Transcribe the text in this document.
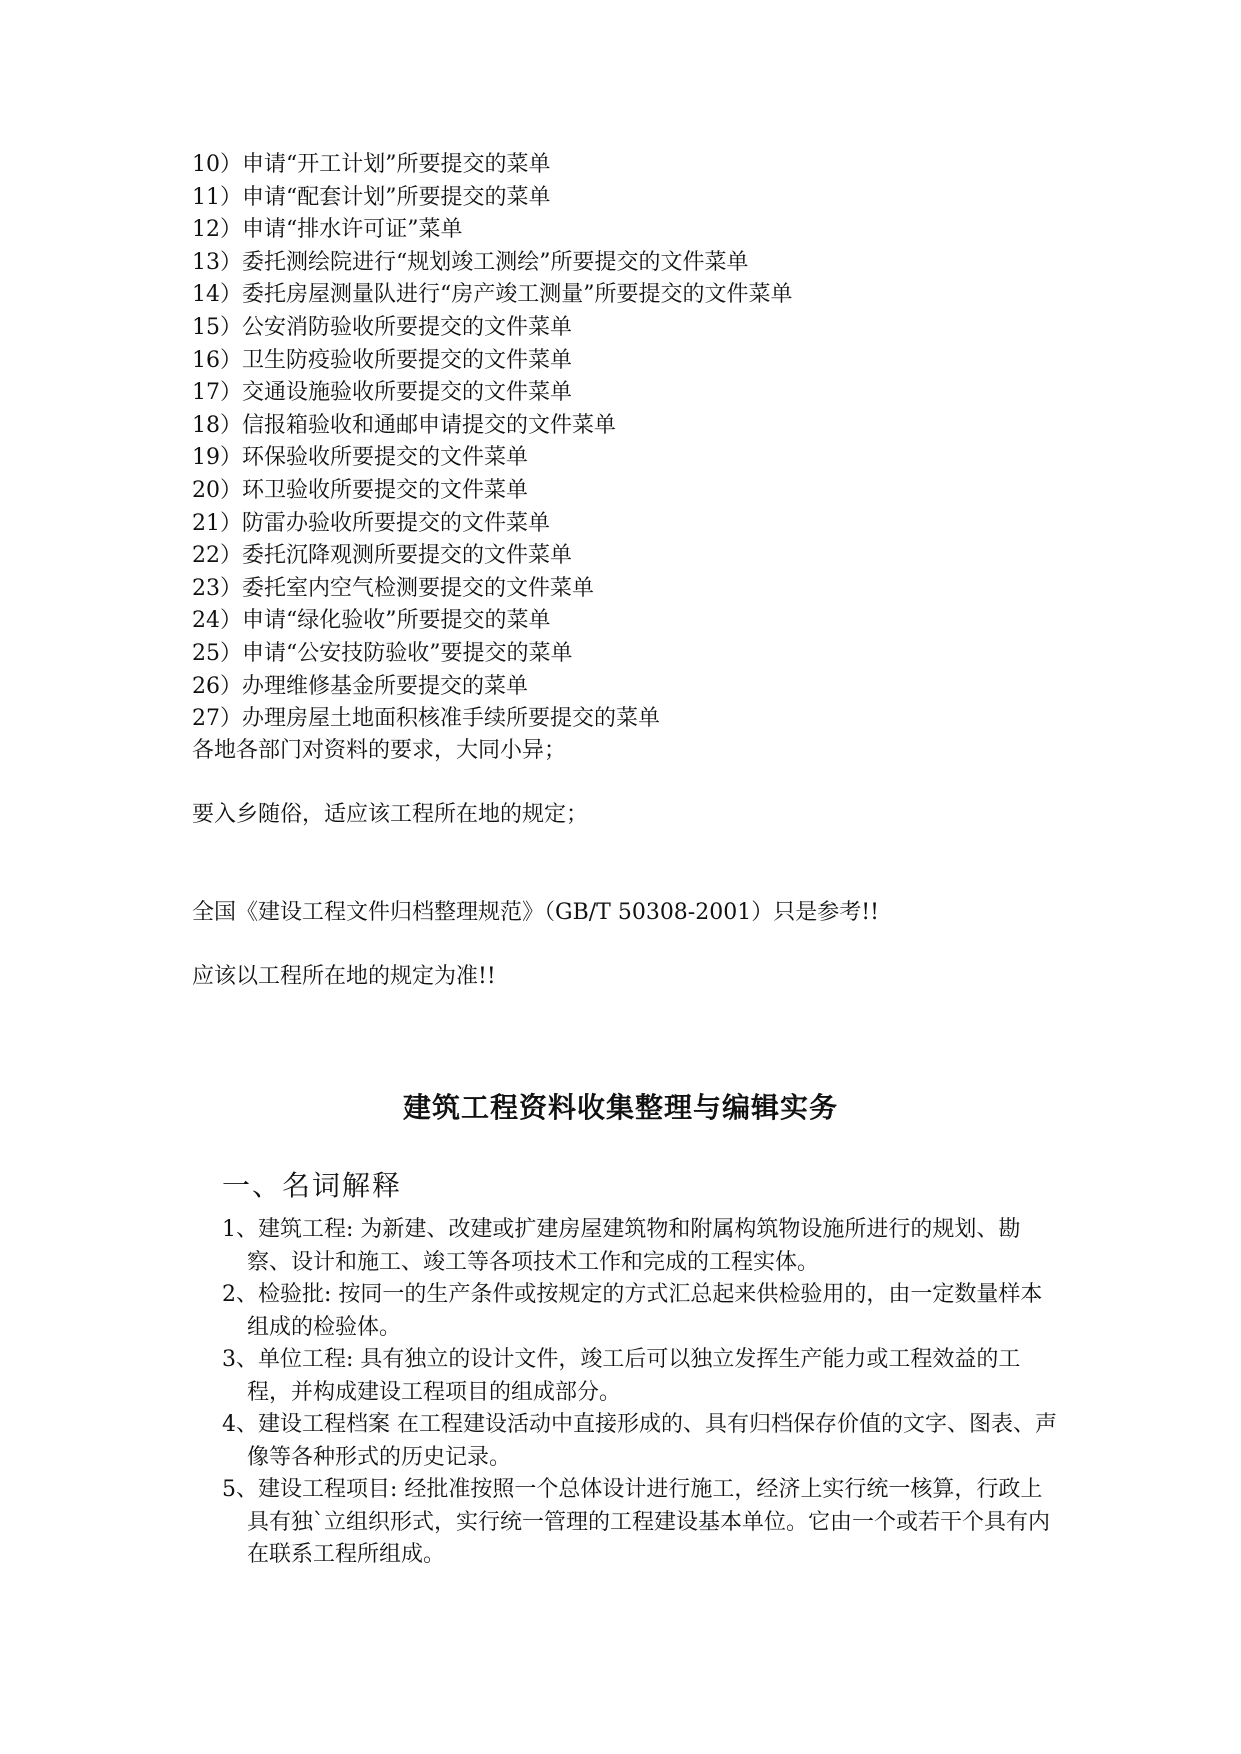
10）申请“开工计划”所要提交的菜单
11）申请“配套计划”所要提交的菜单
12）申请“排水许可证”菜单
13）委托测绘院进行“规划竣工测绘”所要提交的文件菜单
14）委托房屋测量队进行“房产竣工测量”所要提交的文件菜单
15）公安消防验收所要提交的文件菜单
16）卫生防疫验收所要提交的文件菜单
17）交通设施验收所要提交的文件菜单
18）信报箱验收和通邮申请提交的文件菜单
19）环保验收所要提交的文件菜单
20）环卫验收所要提交的文件菜单
21）防雷办验收所要提交的文件菜单
22）委托沉降观测所要提交的文件菜单
23）委托室内空气检测要提交的文件菜单
24）申请“绿化验收”所要提交的菜单
25）申请“公安技防验收”要提交的菜单
26）办理维修基金所要提交的菜单
27）办理房屋土地面积核准手续所要提交的菜单
各地各部门对资料的要求，大同小异；
要入乡随俗，适应该工程所在地的规定；
全国《建设工程文件归档整理规范》（GB/T 50308-2001）只是参考!!
应该以工程所在地的规定为准!!
建筑工程资料收集整理与编辑实务
一、名词解释
1、建筑工程: 为新建、改建或扩建房屋建筑物和附属构筑物设施所进行的规划、勘察、设计和施工、竣工等各项技术工作和完成的工程实体。
2、检验批: 按同一的生产条件或按规定的方式汇总起来供检验用的，由一定数量样本组成的检验体。
3、单位工程: 具有独立的设计文件，竣工后可以独立发挥生产能力或工程效益的工程，并构成建设工程项目的组成部分。
4、建设工程档案 在工程建设活动中直接形成的、具有归档保存价值的文字、图表、声像等各种形式的历史记录。
5、建设工程项目: 经批准按照一个总体设计进行施工，经济上实行统一核算，行政上具有独`立组织形式，实行统一管理的工程建设基本单位。它由一个或若干个具有内在联系工程所组成。
